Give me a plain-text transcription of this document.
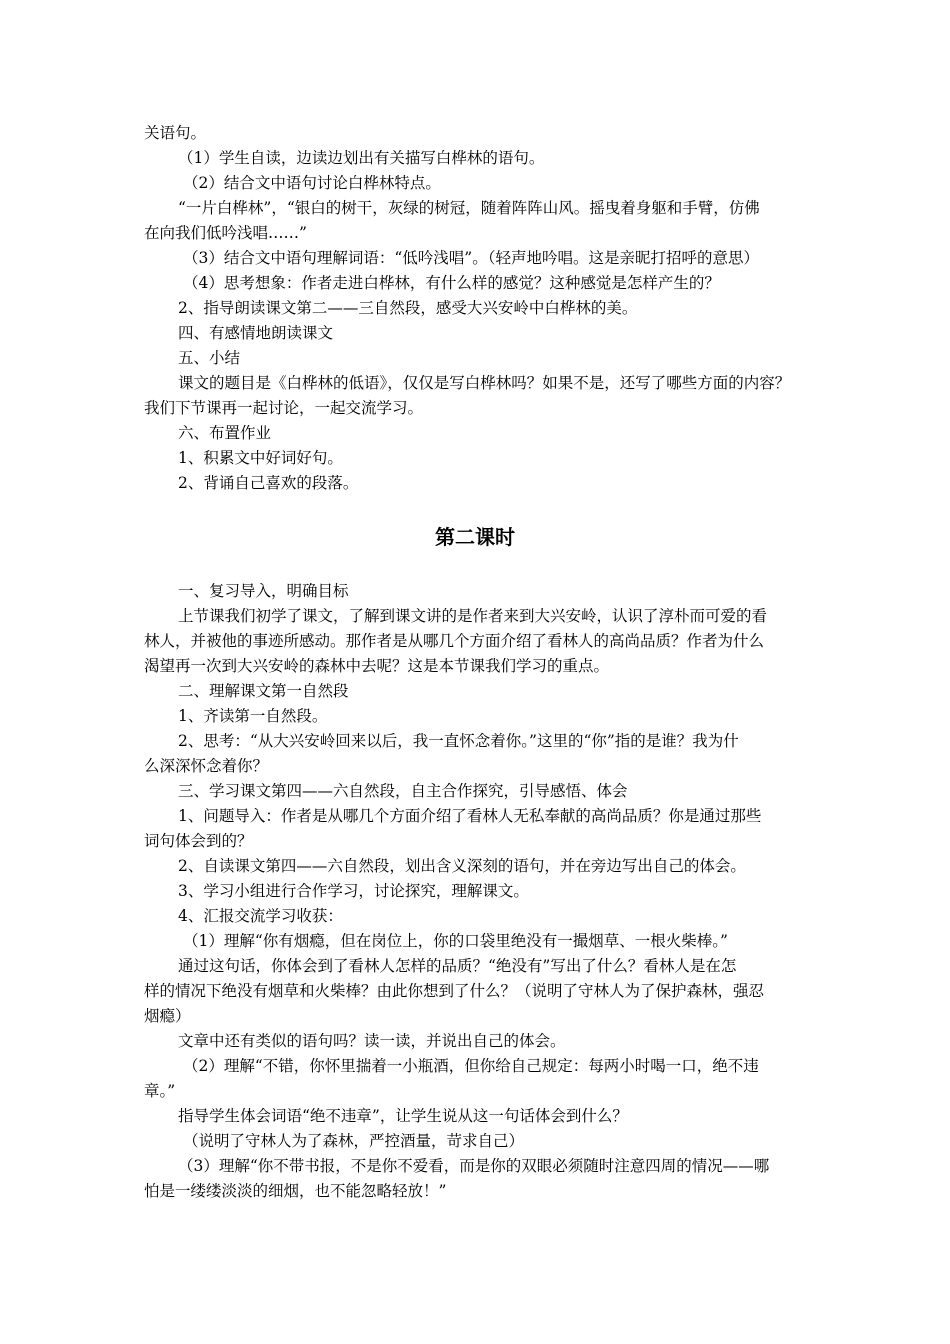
关语句。
（1）学生自读，边读边划出有关描写白桦林的语句。
（2）结合文中语句讨论白桦林特点。
“一片白桦林”，“银白的树干，灰绿的树冠，随着阵阵山风。摇曳着身躯和手臂，仿佛
在向我们低吟浅唱……”
（3）结合文中语句理解词语：“低吟浅唱”。（轻声地吟唱。这是亲昵打招呼的意思）
（4）思考想象：作者走进白桦林，有什么样的感觉？这种感觉是怎样产生的？
2、指导朗读课文第二——三自然段，感受大兴安岭中白桦林的美。
四、有感情地朗读课文
五、小结
课文的题目是《白桦林的低语》，仅仅是写白桦林吗？如果不是，还写了哪些方面的内容？
我们下节课再一起讨论，一起交流学习。
六、布置作业
1、积累文中好词好句。
2、背诵自己喜欢的段落。
第二课时
一、复习导入，明确目标
上节课我们初学了课文，了解到课文讲的是作者来到大兴安岭，认识了淳朴而可爱的看
林人，并被他的事迹所感动。那作者是从哪几个方面介绍了看林人的高尚品质？作者为什么
渴望再一次到大兴安岭的森林中去呢？这是本节课我们学习的重点。
二、理解课文第一自然段
1、齐读第一自然段。
2、思考：“从大兴安岭回来以后，我一直怀念着你。”这里的“你”指的是谁？我为什
么深深怀念着你？
三、学习课文第四——六自然段，自主合作探究，引导感悟、体会
1、问题导入：作者是从哪几个方面介绍了看林人无私奉献的高尚品质？你是通过那些
词句体会到的？
2、自读课文第四——六自然段，划出含义深刻的语句，并在旁边写出自己的体会。
3、学习小组进行合作学习，讨论探究，理解课文。
4、汇报交流学习收获：
（1）理解“你有烟瘾，但在岗位上，你的口袋里绝没有一撮烟草、一根火柴棒。”
通过这句话，你体会到了看林人怎样的品质？“绝没有”写出了什么？看林人是在怎
样的情况下绝没有烟草和火柴棒？由此你想到了什么？（说明了守林人为了保护森林，强忍
烟瘾）
文章中还有类似的语句吗？读一读，并说出自己的体会。
（2）理解“不错，你怀里揣着一小瓶酒，但你给自己规定：每两小时喝一口，绝不违
章。”
指导学生体会词语“绝不违章”，让学生说从这一句话体会到什么？
（说明了守林人为了森林，严控酒量，苛求自己）
（3）理解“你不带书报，不是你不爱看，而是你的双眼必须随时注意四周的情况——哪
怕是一缕缕淡淡的细烟，也不能忽略轻放！”
